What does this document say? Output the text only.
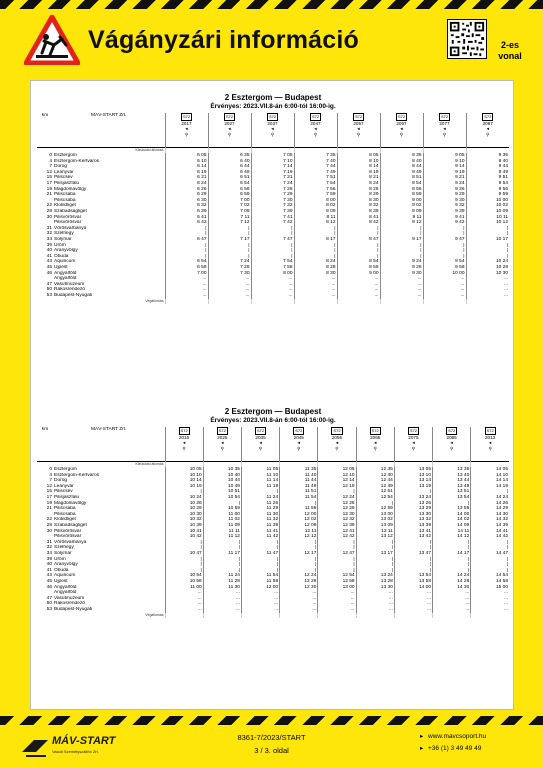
Vágányzári információ	2-es vonal
2 Esztergom — Budapest
Érvényes: 2023.VII.8-án 6:00-tól 16:00-ig.
km	MÁV-START Zrt.	S72
2017
◄
⚲	S72
2027
◄
⚲	S72
2037
◄
⚲	S72
2047
◄
⚲	S72
2057
◄
⚲	S72
2067
◄
⚲	S72
2077
◄
⚲	S72
2087
◄
⚲

Kiindulási állomás									
0	Esztergom	6 05	6 35	7 05	7 35	8 05	8 35	9 05	9 35
4	Esztergom-Kertváros	6 10	6 40	7 10	7 40	8 10	8 40	9 10	9 40
7	Dorog	6 14	6 44	7 14	7 44	8 14	8 44	9 14	9 44
12	Leányvár	6 19	6 49	7 19	7 49	8 19	8 49	9 19	9 49
15	Piliscsév	6 21	6 51	7 21	7 51	8 21	8 51	9 21	9 51
17	Pilisjászfalu	6 24	6 54	7 24	7 54	8 24	8 54	9 24	9 54
19	Magdolnavölgy	6 26	6 56	7 26	7 56	8 26	8 56	9 26	9 56
21	Piliscsaba	6 29	6 59	7 29	7 59	8 29	8 59	9 29	9 59
	Piliscsaba	6 30	7 00	7 30	8 00	8 30	9 00	9 30	10 00
22	Klotildliget	6 32	7 02	7 32	8 02	8 32	9 02	9 32	10 02
28	Szabadságliget	6 39	7 09	7 39	8 09	8 39	9 09	9 39	10 09
30	Pilisvörösvár	6 41	7 11	7 41	8 11	8 41	9 11	9 41	10 11
	Pilisvörösvár	6 42	7 12	7 42	8 12	8 42	9 12	9 42	10 12
31	Vörösvárbánya	|	|	|	|	|	|	|	|
32	Szélhegy	|	|	|	|	|	|	|	|
34	Solymár	6 47	7 17	7 47	8 17	8 47	9 17	9 47	10 17
39	Üröm	|	|	|	|	|	|	|	|
40	Aranyvölgy	|	|	|	|	|	|	|	|
41	Óbuda	|	|	|	|	|	|	|	|
43	Aquincum	6 54	7 24	7 54	8 24	8 54	9 24	9 54	10 24
45	Újpest	6 58	7 28	7 58	8 28	8 58	9 28	9 58	10 28
46	Angyalföld	7 00	7 30	8 00	8 30	9 00	9 30	10 00	10 30
	Angyalföld	...	...	...	...	...	...	...	...
47	Vasútmúzeum	...	...	...	...	...	...	...	...
50	Rákosrendező	...	...	...	...	...	...	...	...
53	Budapest-Nyugati	...	...	...	...	...	...	...	...
Végállomás									
2 Esztergom — Budapest
Érvényes: 2023.VII.8-án 6:00-tól 16:00-ig.
km	MÁV-START Zrt.	S72
2015
◄
⚲	S72
2025
◄
⚲	S72
2035
◄
⚲	S72
2045
◄
⚲	S72
2055
◄
⚲	S72
2065
◄
⚲	S72
2075
◄
⚲	S72
2085
◄
⚲	S72
2013
◄
⚲

Kiindulási állomás										
0	Esztergom	10 05	10 35	11 05	11 35	12 05	12 35	13 05	13 35	14 05
4	Esztergom-Kertváros	10 10	10 40	11 10	11 40	12 10	12 40	13 10	13 40	14 10
7	Dorog	10 14	10 44	11 14	11 44	12 14	12 44	13 14	13 44	14 14
12	Leányvár	10 19	10 49	11 19	11 49	12 19	12 49	13 19	13 49	14 19
15	Piliscsév	|	10 51	|	11 51	|	12 51	|	13 51	|
17	Pilisjászfalu	10 24	10 54	11 24	11 54	12 24	12 54	13 24	13 54	14 24
19	Magdolnavölgy	10 26	|	11 26	|	12 26	|	13 26	|	14 26
21	Piliscsaba	10 29	10 59	11 29	11 59	12 29	12 59	13 29	13 59	14 29
	Piliscsaba	10 30	11 00	11 30	12 00	12 30	13 00	13 30	14 00	14 30
22	Klotildliget	10 32	11 02	11 32	12 02	12 32	13 02	13 32	14 02	14 32
28	Szabadságliget	10 39	11 09	11 39	12 09	12 39	13 09	13 39	14 09	14 39
30	Pilisvörösvár	10 41	11 11	11 41	12 11	12 41	13 11	13 41	14 11	14 41
	Pilisvörösvár	10 42	11 12	11 42	12 12	12 42	13 12	13 42	14 12	14 42
31	Vörösvárbánya	|	|	|	|	|	|	|	|	|
32	Szélhegy	|	|	|	|	|	|	|	|	|
34	Solymár	10 47	11 17	11 47	12 17	12 47	13 17	13 47	14 17	14 47
39	Üröm	|	|	|	|	|	|	|	|	|
40	Aranyvölgy	|	|	|	|	|	|	|	|	|
41	Óbuda	|	|	|	|	|	|	|	|	|
43	Aquincum	10 54	11 24	11 54	12 24	12 54	13 24	13 54	14 24	14 54
45	Újpest	10 58	11 28	11 58	12 28	12 58	13 28	13 58	14 28	14 58
46	Angyalföld	11 00	11 30	12 00	12 30	13 00	13 30	14 00	14 30	15 00
	Angyalföld	...	...	...	...	...	...	...	...	...
47	Vasútmúzeum	...	...	...	...	...	...	...	...	...
50	Rákosrendező	...	...	...	...	...	...	...	...	...
53	Budapest-Nyugati	...	...	...	...	...	...	...	...	...
Végállomás										
MÁV-START
Vasúti Személyszállító Zrt.
8361-7/2023/START
3 / 3. oldal
▸ www.mavcsoport.hu
▸ +36 (1) 3 49 49 49
